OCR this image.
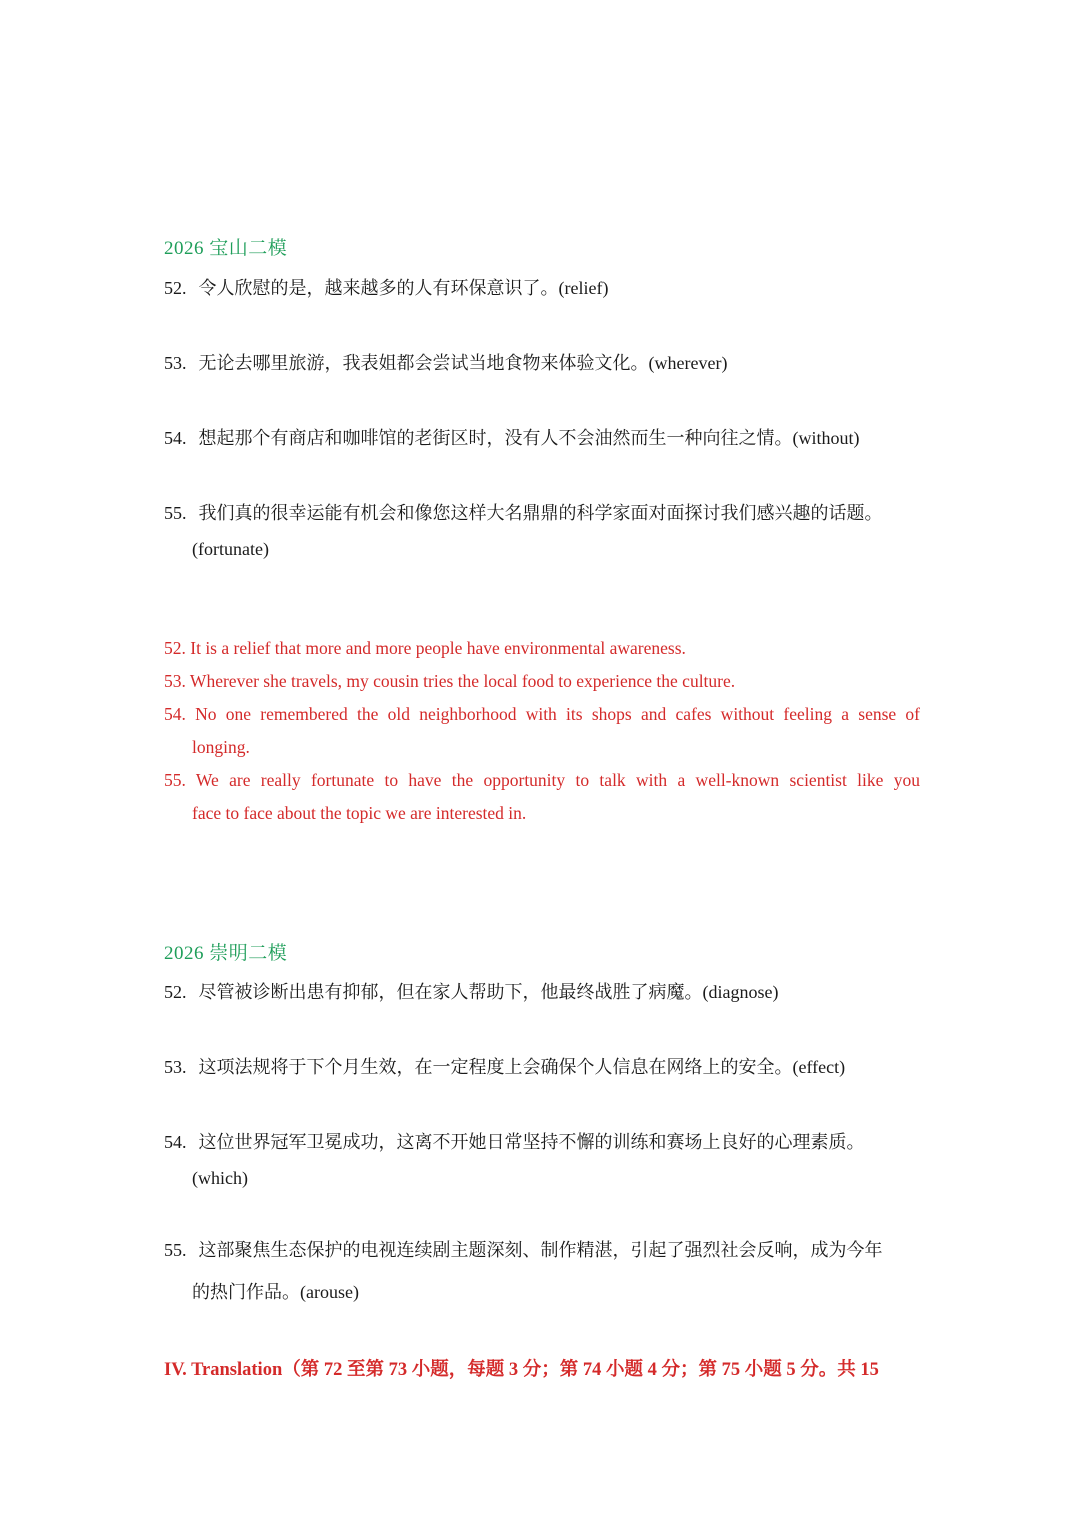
2026 宝山二模
52. 令人欣慰的是，越来越多的人有环保意识了。(relief)
53. 无论去哪里旅游，我表姐都会尝试当地食物来体验文化。(wherever)
54. 想起那个有商店和咖啡馆的老街区时，没有人不会油然而生一种向往之情。(without)
55. 我们真的很幸运能有机会和像您这样大名鼎鼎的科学家面对面探讨我们感兴趣的话题。
(fortunate)
52. It is a relief that more and more people have environmental awareness.
53. Wherever she travels, my cousin tries the local food to experience the culture.
54. No one remembered the old neighborhood with its shops and cafes without feeling a sense of
longing.
55. We are really fortunate to have the opportunity to talk with a well-known scientist like you
face to face about the topic we are interested in.
2026 崇明二模
52. 尽管被诊断出患有抑郁，但在家人帮助下，他最终战胜了病魔。(diagnose)
53. 这项法规将于下个月生效，在一定程度上会确保个人信息在网络上的安全。(effect)
54. 这位世界冠军卫冕成功，这离不开她日常坚持不懈的训练和赛场上良好的心理素质。
(which)
55. 这部聚焦生态保护的电视连续剧主题深刻、制作精湛，引起了强烈社会反响，成为今年
的热门作品。(arouse)
IV. Translation（第 72 至第 73 小题，每题 3 分；第 74 小题 4 分；第 75 小题 5 分。共 15
